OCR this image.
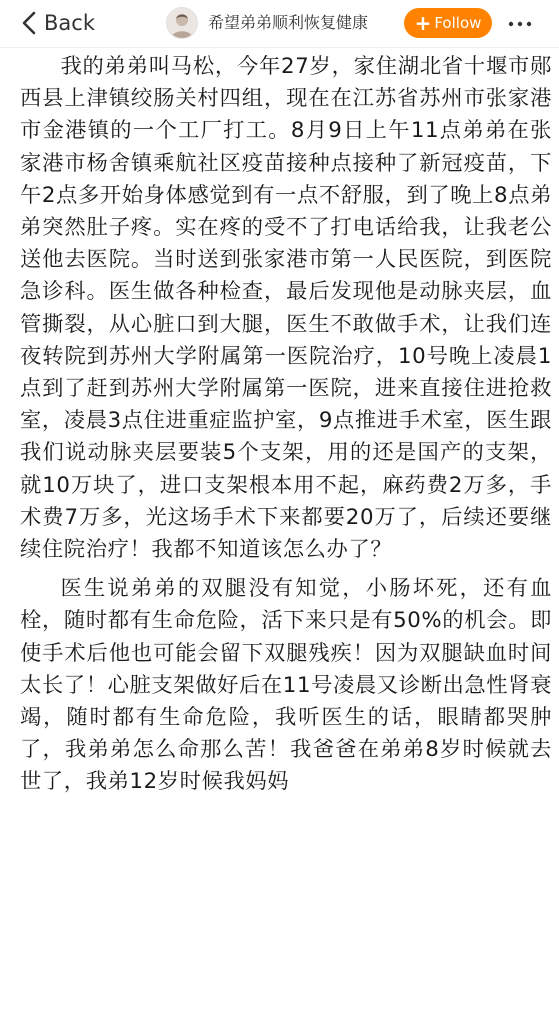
Back	希望弟弟顺利恢复健康 + Follow

我的弟弟叫马松，今年27岁，家住湖北省十堰市郧西县上津镇绞肠关村四组，现在在江苏省苏州市张家港市金港镇的一个工厂打工。8月9日上午11点弟弟在张家港市杨舍镇乘航社区疫苗接种点接种了新冠疫苗，下午2点多开始身体感觉到有一点不舒服，到了晚上8点弟弟突然肚子疼。实在疼的受不了打电话给我，让我老公送他去医院。当时送到张家港市第一人民医院，到医院急诊科。医生做各种检查，最后发现他是动脉夹层，血管撕裂，从心脏口到大腿，医生不敢做手术，让我们连夜转院到苏州大学附属第一医院治疗，10号晚上凌晨1点到了赶到苏州大学附属第一医院，进来直接住进抢救室，凌晨3点住进重症监护室，9点推进手术室，医生跟我们说动脉夹层要装5个支架，用的还是国产的支架，就10万块了，进口支架根本用不起，麻药费2万多，手术费7万多，光这场手术下来都要20万了，后续还要继续住院治疗！我都不知道该怎么办了？

医生说弟弟的双腿没有知觉，小肠坏死，还有血栓，随时都有生命危险，活下来只是有50%的机会。即使手术后他也可能会留下双腿残疾！因为双腿缺血时间太长了！心脏支架做好后在11号凌晨又诊断出急性肾衰竭，随时都有生命危险，我听医生的话，眼睛都哭肿了，我弟弟怎么命那么苦！我爸爸在弟弟8岁时候就去世了，我弟12岁时候我妈妈
